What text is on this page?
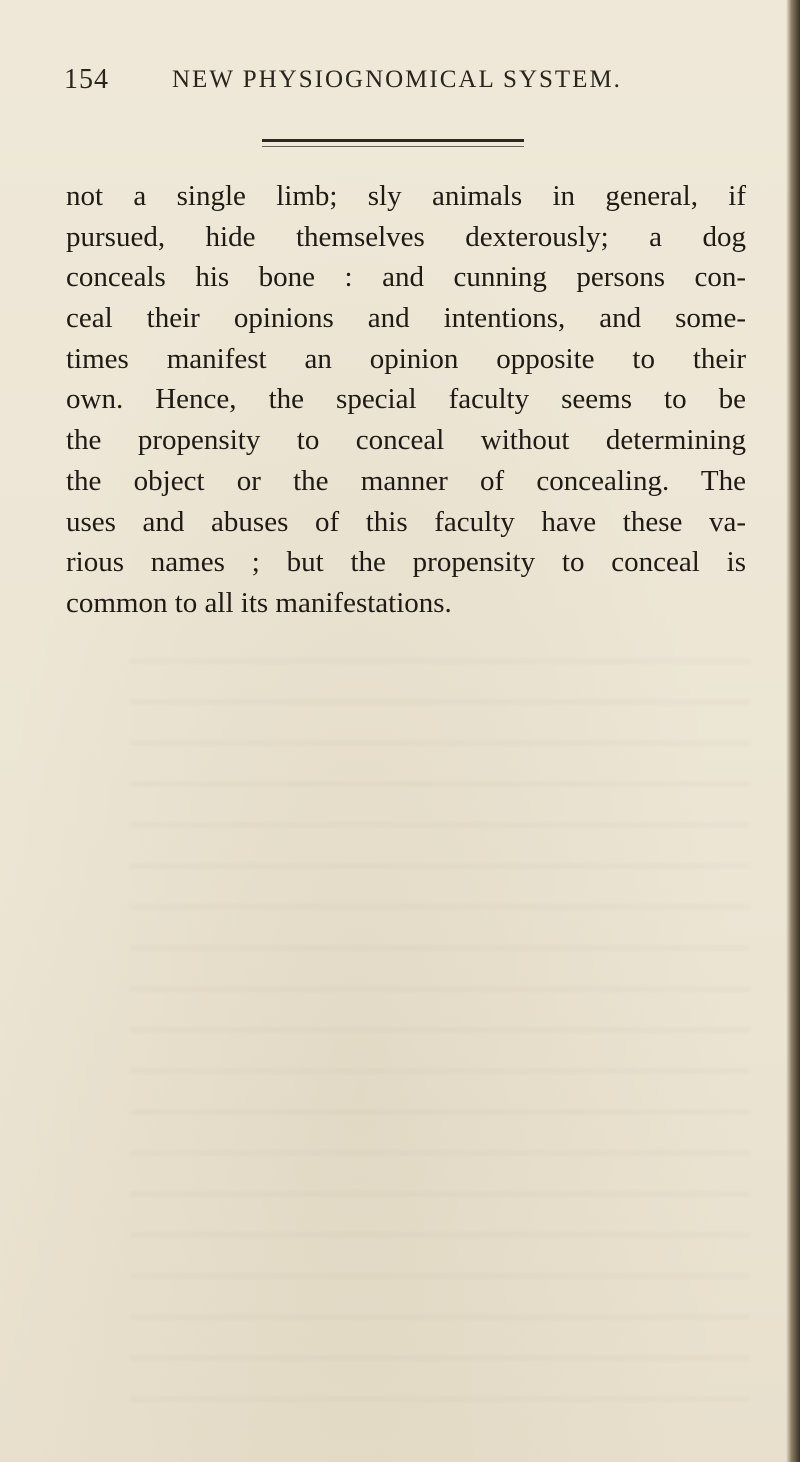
154	NEW PHYSIOGNOMICAL SYSTEM.
not a single limb; sly animals in general, if
pursued, hide themselves dexterously; a dog
conceals his bone : and cunning persons con-
ceal their opinions and intentions, and some-
times manifest an opinion opposite to their
own. Hence, the special faculty seems to be
the propensity to conceal without determining
the object or the manner of concealing. The
uses and abuses of this faculty have these va-
rious names ; but the propensity to conceal is
common to all its manifestations.
